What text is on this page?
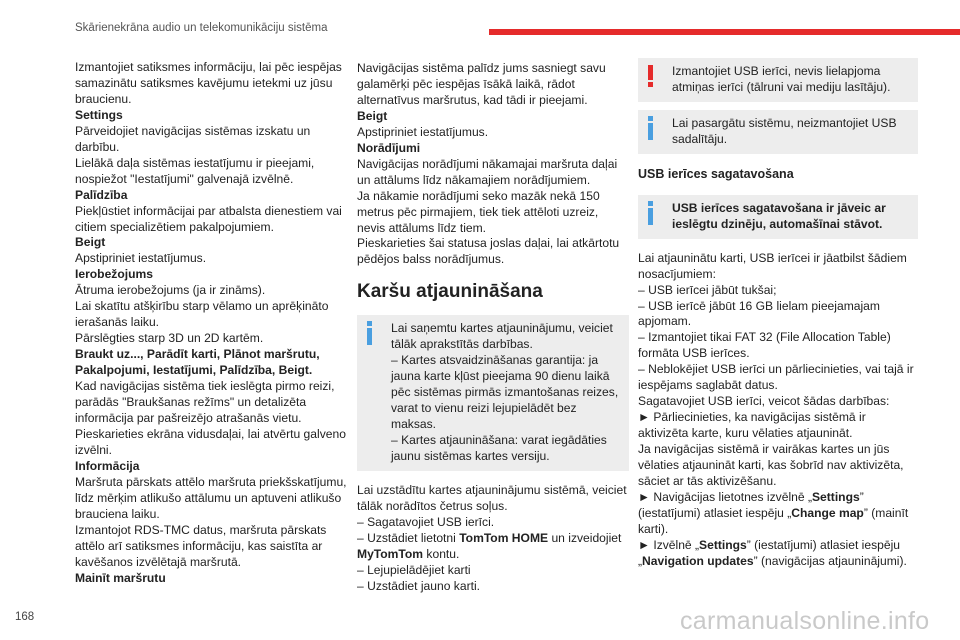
Skārienekrāna audio un telekomunikāciju sistēma

Izmantojiet satiksmes informāciju, lai pēc iespējas samazinātu satiksmes kavējumu ietekmi uz jūsu braucienu.

Settings

Pārveidojiet navigācijas sistēmas izskatu un darbību.

Lielākā daļa sistēmas iestatījumu ir pieejami, nospiežot "Iestatījumi" galvenajā izvēlnē.

Palīdzība

Piekļūstiet informācijai par atbalsta dienestiem vai citiem specializētiem pakalpojumiem.

Beigt

Apstipriniet iestatījumus.

Ierobežojums

Ātruma ierobežojums (ja ir zināms).

Lai skatītu atšķirību starp vēlamo un aprēķināto ierašanās laiku.

Pārslēgties starp 3D un 2D kartēm.

Braukt uz..., Parādīt karti, Plānot maršrutu, Pakalpojumi, Iestatījumi, Palīdzība, Beigt.

Kad navigācijas sistēma tiek ieslēgta pirmo reizi, parādās "Braukšanas režīms" un detalizēta informācija par pašreizējo atrašanās vietu.

Pieskarieties ekrāna vidusdaļai, lai atvērtu galveno izvēlni.

Informācija

Maršruta pārskats attēlo maršruta priekšskatījumu, līdz mērķim atlikušo attālumu un aptuveni atlikušo brauciena laiku.

Izmantojot RDS-TMC datus, maršruta pārskats attēlo arī satiksmes informāciju, kas saistīta ar kavēšanos izvēlētajā maršrutā.

Mainīt maršrutu

Navigācijas sistēma palīdz jums sasniegt savu galamērķi pēc iespējas īsākā laikā, rādot alternatīvus maršrutus, kad tādi ir pieejami.

Beigt

Apstipriniet iestatījumus.

Norādījumi

Navigācijas norādījumi nākamajai maršruta daļai un attālums līdz nākamajiem norādījumiem.

Ja nākamie norādījumi seko mazāk nekā 150 metrus pēc pirmajiem, tiek tiek attēloti uzreiz, nevis attālums līdz tiem.

Pieskarieties šai statusa joslas daļai, lai atkārtotu pēdējos balss norādījumus.

Karšu atjaunināšana

Lai saņemtu kartes atjauninājumu, veiciet tālāk aprakstītās darbības.

– Kartes atsvaidzināšanas garantija: ja jauna karte kļūst pieejama 90 dienu laikā pēc sistēmas pirmās izmantošanas reizes, varat to vienu reizi lejupielādēt bez maksas.

– Kartes atjaunināšana: varat iegādāties jaunu sistēmas kartes versiju.

Lai uzstādītu kartes atjauninājumu sistēmā, veiciet tālāk norādītos četrus soļus.

– Sagatavojiet USB ierīci.

– Uzstādiet lietotni TomTom HOME un izveidojiet MyTomTom kontu.

– Lejupielādējiet karti

– Uzstādiet jauno karti.

Izmantojiet USB ierīci, nevis lielapjoma atmiņas ierīci (tālruni vai mediju lasītāju).

Lai pasargātu sistēmu, neizmantojiet USB sadalītāju.

USB ierīces sagatavošana

USB ierīces sagatavošana ir jāveic ar ieslēgtu dzinēju, automašīnai stāvot.

Lai atjauninātu karti, USB ierīcei ir jāatbilst šādiem nosacījumiem:

– USB ierīcei jābūt tukšai;

– USB ierīcē jābūt 16 GB lielam pieejamajam apjomam.

– Izmantojiet tikai FAT 32 (File Allocation Table) formāta USB ierīces.

– Neblokējiet USB ierīci un pārliecinieties, vai tajā ir iespējams saglabāt datus.

Sagatavojiet USB ierīci, veicot šādas darbības:

► Pārliecinieties, ka navigācijas sistēmā ir aktivizēta karte, kuru vēlaties atjaunināt.

Ja navigācijas sistēmā ir vairākas kartes un jūs vēlaties atjaunināt karti, kas šobrīd nav aktivizēta, sāciet ar tās aktivizēšanu.

► Navigācijas lietotnes izvēlnē „Settings” (iestatījumi) atlasiet iespēju „Change map” (mainīt karti).

► Izvēlnē „Settings” (iestatījumi) atlasiet iespēju „Navigation updates” (navigācijas atjauninājumi).

168	carmanualsonline.info
